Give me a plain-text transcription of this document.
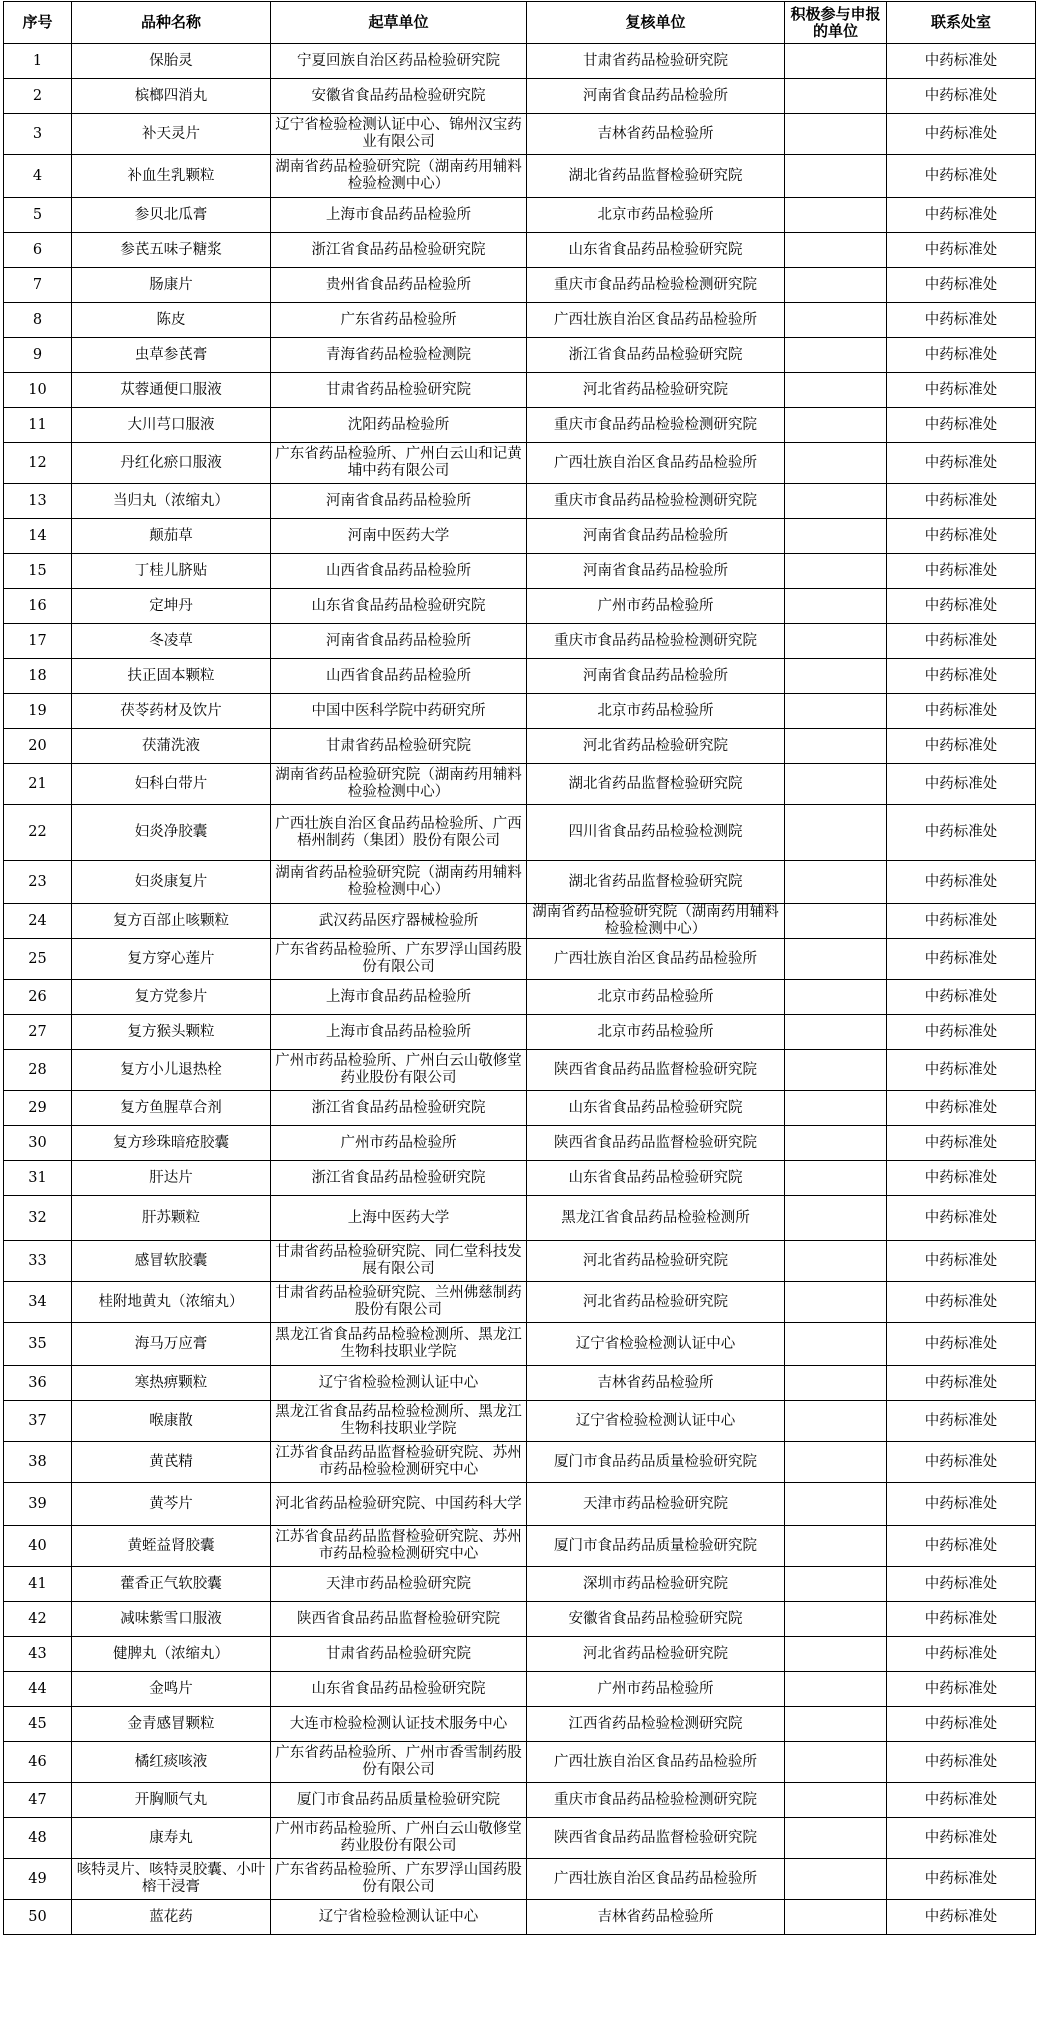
序号	品种名称	起草单位	复核单位	积极参与申报的单位	联系处室
1	保胎灵	宁夏回族自治区药品检验研究院	甘肃省药品检验研究院		中药标准处
2	槟榔四消丸	安徽省食品药品检验研究院	河南省食品药品检验所		中药标准处
3	补天灵片	辽宁省检验检测认证中心、锦州汉宝药业有限公司	吉林省药品检验所		中药标准处
4	补血生乳颗粒	湖南省药品检验研究院（湖南药用辅料检验检测中心）	湖北省药品监督检验研究院		中药标准处
5	参贝北瓜膏	上海市食品药品检验所	北京市药品检验所		中药标准处
6	参芪五味子糖浆	浙江省食品药品检验研究院	山东省食品药品检验研究院		中药标准处
7	肠康片	贵州省食品药品检验所	重庆市食品药品检验检测研究院		中药标准处
8	陈皮	广东省药品检验所	广西壮族自治区食品药品检验所		中药标准处
9	虫草参芪膏	青海省药品检验检测院	浙江省食品药品检验研究院		中药标准处
10	苁蓉通便口服液	甘肃省药品检验研究院	河北省药品检验研究院		中药标准处
11	大川芎口服液	沈阳药品检验所	重庆市食品药品检验检测研究院		中药标准处
12	丹红化瘀口服液	广东省药品检验所、广州白云山和记黄埔中药有限公司	广西壮族自治区食品药品检验所		中药标准处
13	当归丸（浓缩丸）	河南省食品药品检验所	重庆市食品药品检验检测研究院		中药标准处
14	颠茄草	河南中医药大学	河南省食品药品检验所		中药标准处
15	丁桂儿脐贴	山西省食品药品检验所	河南省食品药品检验所		中药标准处
16	定坤丹	山东省食品药品检验研究院	广州市药品检验所		中药标准处
17	冬凌草	河南省食品药品检验所	重庆市食品药品检验检测研究院		中药标准处
18	扶正固本颗粒	山西省食品药品检验所	河南省食品药品检验所		中药标准处
19	茯苓药材及饮片	中国中医科学院中药研究所	北京市药品检验所		中药标准处
20	茯蒲洗液	甘肃省药品检验研究院	河北省药品检验研究院		中药标准处
21	妇科白带片	湖南省药品检验研究院（湖南药用辅料检验检测中心）	湖北省药品监督检验研究院		中药标准处
22	妇炎净胶囊	广西壮族自治区食品药品检验所、广西梧州制药（集团）股份有限公司	四川省食品药品检验检测院		中药标准处
23	妇炎康复片	湖南省药品检验研究院（湖南药用辅料检验检测中心）	湖北省药品监督检验研究院		中药标准处
24	复方百部止咳颗粒	武汉药品医疗器械检验所	湖南省药品检验研究院（湖南药用辅料检验检测中心）		中药标准处
25	复方穿心莲片	广东省药品检验所、广东罗浮山国药股份有限公司	广西壮族自治区食品药品检验所		中药标准处
26	复方党参片	上海市食品药品检验所	北京市药品检验所		中药标准处
27	复方猴头颗粒	上海市食品药品检验所	北京市药品检验所		中药标准处
28	复方小儿退热栓	广州市药品检验所、广州白云山敬修堂药业股份有限公司	陕西省食品药品监督检验研究院		中药标准处
29	复方鱼腥草合剂	浙江省食品药品检验研究院	山东省食品药品检验研究院		中药标准处
30	复方珍珠暗疮胶囊	广州市药品检验所	陕西省食品药品监督检验研究院		中药标准处
31	肝达片	浙江省食品药品检验研究院	山东省食品药品检验研究院		中药标准处
32	肝苏颗粒	上海中医药大学	黑龙江省食品药品检验检测所		中药标准处
33	感冒软胶囊	甘肃省药品检验研究院、同仁堂科技发展有限公司	河北省药品检验研究院		中药标准处
34	桂附地黄丸（浓缩丸）	甘肃省药品检验研究院、兰州佛慈制药股份有限公司	河北省药品检验研究院		中药标准处
35	海马万应膏	黑龙江省食品药品检验检测所、黑龙江生物科技职业学院	辽宁省检验检测认证中心		中药标准处
36	寒热痹颗粒	辽宁省检验检测认证中心	吉林省药品检验所		中药标准处
37	喉康散	黑龙江省食品药品检验检测所、黑龙江生物科技职业学院	辽宁省检验检测认证中心		中药标准处
38	黄芪精	江苏省食品药品监督检验研究院、苏州市药品检验检测研究中心	厦门市食品药品质量检验研究院		中药标准处
39	黄芩片	河北省药品检验研究院、中国药科大学	天津市药品检验研究院		中药标准处
40	黄蛭益肾胶囊	江苏省食品药品监督检验研究院、苏州市药品检验检测研究中心	厦门市食品药品质量检验研究院		中药标准处
41	藿香正气软胶囊	天津市药品检验研究院	深圳市药品检验研究院		中药标准处
42	减味紫雪口服液	陕西省食品药品监督检验研究院	安徽省食品药品检验研究院		中药标准处
43	健脾丸（浓缩丸）	甘肃省药品检验研究院	河北省药品检验研究院		中药标准处
44	金鸣片	山东省食品药品检验研究院	广州市药品检验所		中药标准处
45	金青感冒颗粒	大连市检验检测认证技术服务中心	江西省药品检验检测研究院		中药标准处
46	橘红痰咳液	广东省药品检验所、广州市香雪制药股份有限公司	广西壮族自治区食品药品检验所		中药标准处
47	开胸顺气丸	厦门市食品药品质量检验研究院	重庆市食品药品检验检测研究院		中药标准处
48	康寿丸	广州市药品检验所、广州白云山敬修堂药业股份有限公司	陕西省食品药品监督检验研究院		中药标准处
49	咳特灵片、咳特灵胶囊、小叶榕干浸膏	广东省药品检验所、广东罗浮山国药股份有限公司	广西壮族自治区食品药品检验所		中药标准处
50	蓝花药	辽宁省检验检测认证中心	吉林省药品检验所		中药标准处
